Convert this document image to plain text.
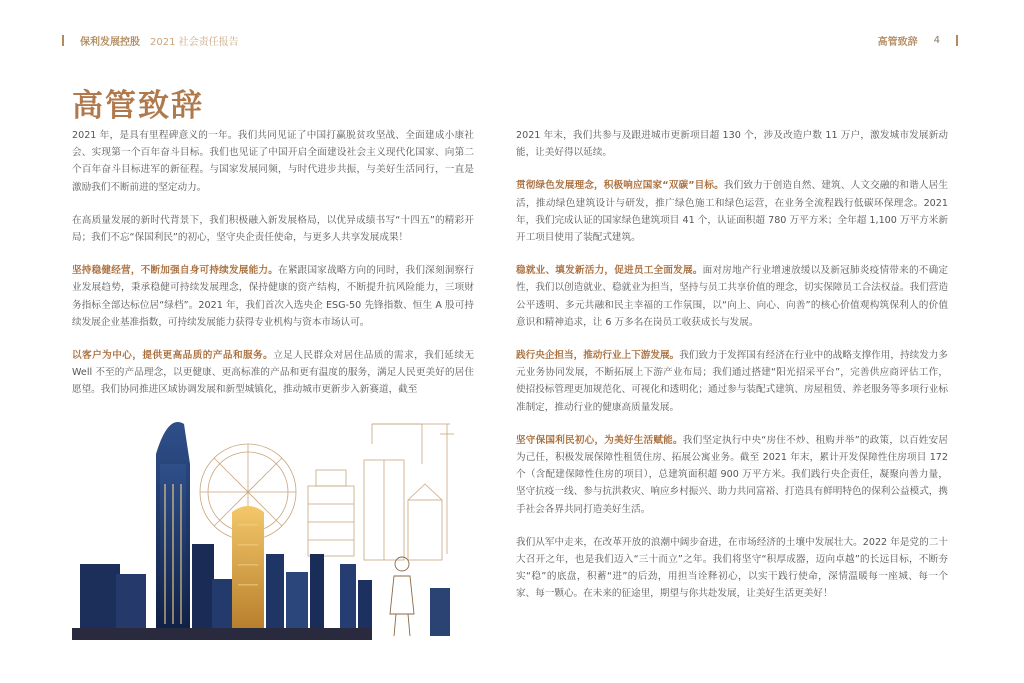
保利发展控股 2021 社会责任报告	高管致辞 4
高管致辞

2021 年，是具有里程碑意义的一年。我们共同见证了中国打赢脱贫攻坚战、全面建成小康社会、实现第一个百年奋斗目标。我们也见证了中国开启全面建设社会主义现代化国家、向第二个百年奋斗目标进军的新征程。与国家发展同频，与时代进步共振，与美好生活同行，一直是激励我们不断前进的坚定动力。

在高质量发展的新时代背景下，我们积极融入新发展格局，以优异成绩书写“十四五”的精彩开局；我们不忘“保国利民”的初心，坚守央企责任使命，与更多人共享发展成果！

坚持稳健经营，不断加强自身可持续发展能力。在紧跟国家战略方向的同时，我们深刻洞察行业发展趋势，秉承稳健可持续发展理念，保持健康的资产结构，不断提升抗风险能力，三项财务指标全部达标位居“绿档”。2021 年，我们首次入选央企 ESG-50 先锋指数、恒生 A 股可持续发展企业基准指数，可持续发展能力获得专业机构与资本市场认可。

以客户为中心，提供更高品质的产品和服务。立足人民群众对居住品质的需求，我们延续无 Well 不至的产品理念，以更健康、更高标准的产品和更有温度的服务，满足人民更美好的居住愿望。我们协同推进区域协调发展和新型城镇化，推动城市更新步入新赛道，截至

2021 年末，我们共参与及跟进城市更新项目超 130 个，涉及改造户数 11 万户，激发城市发展新动能，让美好得以延续。

贯彻绿色发展理念，积极响应国家“双碳”目标。我们致力于创造自然、建筑、人文交融的和谐人居生活，推动绿色建筑设计与研发，推广绿色施工和绿色运营，在业务全流程践行低碳环保理念。2021 年，我们完成认证的国家绿色建筑项目 41 个，认证面积超 780 万平方米；全年超 1,100 万平方米新开工项目使用了装配式建筑。

稳就业、填发新活力，促进员工全面发展。面对房地产行业增速放缓以及新冠肺炎疫情带来的不确定性，我们以创造就业、稳就业为担当，坚持与员工共享价值的理念，切实保障员工合法权益。我们营造公平透明、多元共融和民主幸福的工作氛围，以“向上、向心、向善”的核心价值观构筑保利人的价值意识和精神追求，让 6 万多名在岗员工收获成长与发展。

践行央企担当，推动行业上下游发展。我们致力于发挥国有经济在行业中的战略支撑作用，持续发力多元业务协同发展，不断拓展上下游产业布局；我们通过搭建“阳光招采平台”，完善供应商评估工作，使招投标管理更加规范化、可视化和透明化；通过参与装配式建筑、房屋租赁、养老服务等多项行业标准制定，推动行业的健康高质量发展。

坚守保国利民初心，为美好生活赋能。我们坚定执行中央“房住不炒、租购并举”的政策，以百姓安居为己任，积极发展保障性租赁住房、拓展公寓业务。截至 2021 年末，累计开发保障性住房项目 172 个（含配建保障性住房的项目），总建筑面积超 900 万平方米。我们践行央企责任，凝聚向善力量，坚守抗疫一线、参与抗洪救灾、响应乡村振兴、助力共同富裕、打造具有鲜明特色的保利公益模式，携手社会各界共同打造美好生活。

我们从军中走来，在改革开放的浪潮中阔步奋进，在市场经济的土壤中发展壮大。2022 年是党的二十大召开之年，也是我们迈入“三十而立”之年。我们将坚守“积厚成器，迈向卓越”的长远目标，不断夯实“稳”的底盘，积蓄“进”的后劲，用担当诠释初心，以实干践行使命，深情温暖每一座城、每一个家、每一颗心。在未来的征途里，期望与你共赴发展，让美好生活更美好！
